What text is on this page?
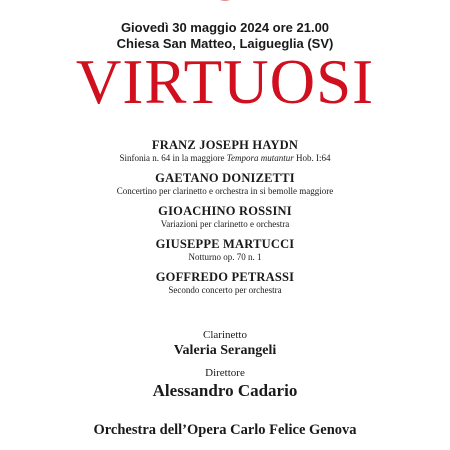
Giovedì 30 maggio 2024 ore 21.00
Chiesa San Matteo, Laigueglia (SV)
VIRTUOSI
FRANZ JOSEPH HAYDN
Sinfonia n. 64 in la maggiore Tempora mutantur Hob. I:64
GAETANO DONIZETTI
Concertino per clarinetto e orchestra in si bemolle maggiore
GIOACHINO ROSSINI
Variazioni per clarinetto e orchestra
GIUSEPPE MARTUCCI
Notturno op. 70 n. 1
GOFFREDO PETRASSI
Secondo concerto per orchestra
Clarinetto
Valeria Serangeli
Direttore
Alessandro Cadario
Orchestra dell’Opera Carlo Felice Genova
